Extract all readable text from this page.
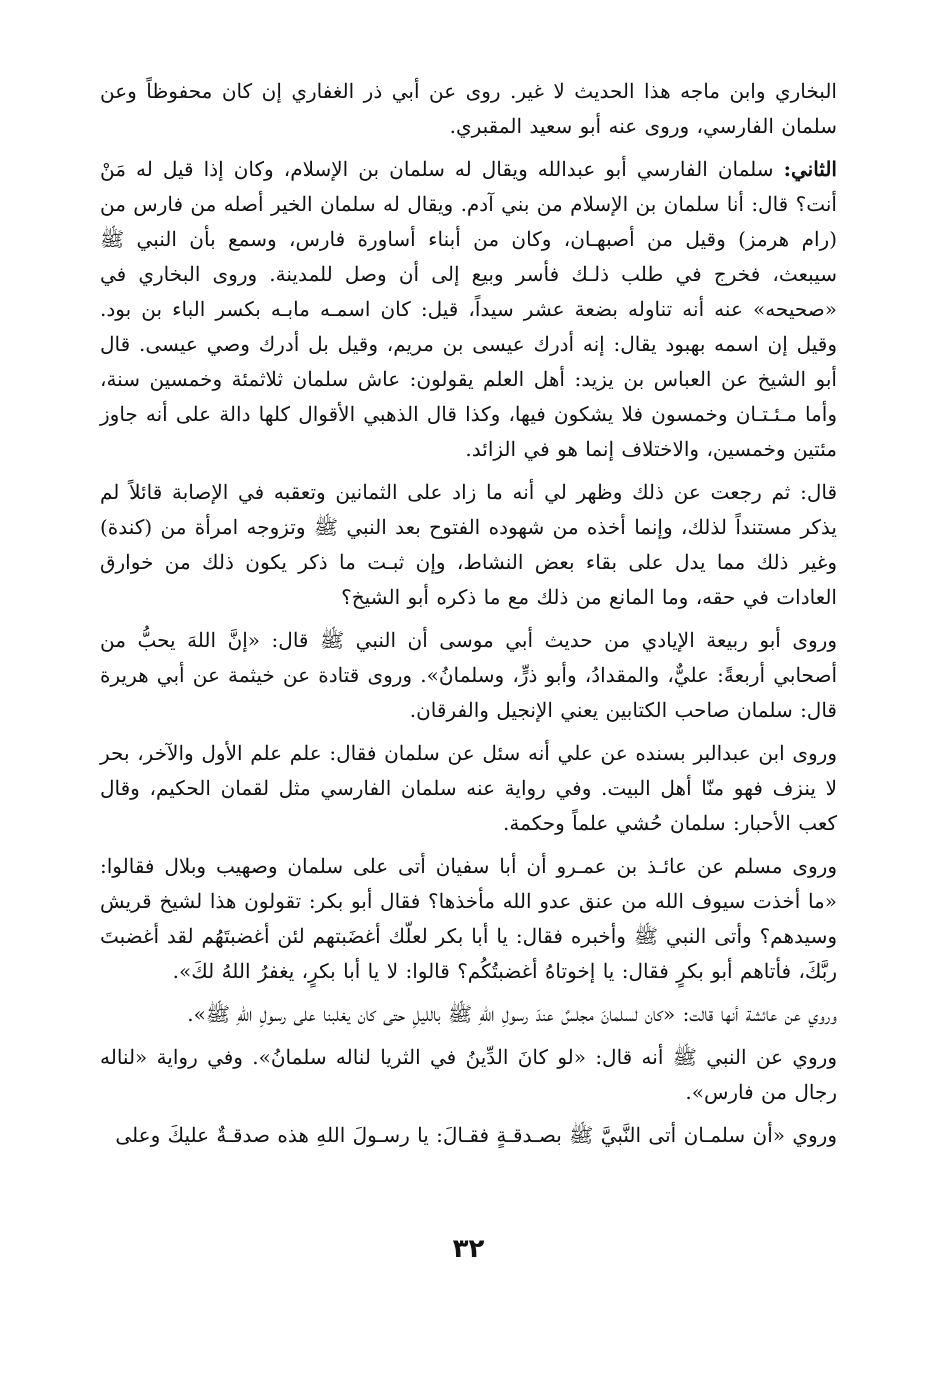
البخاري وابن ماجه هذا الحديث لا غير. روى عن أبي ذر الغفاري إن كان محفوظاً وعن سلمان الفارسي، وروى عنه أبو سعيد المقبري.

الثاني: سلمان الفارسي أبو عبدالله ويقال له سلمان بن الإسلام، وكان إذا قيل له مَنْ أنت؟ قال: أنا سلمان بن الإسلام من بني آدم. ويقال له سلمان الخير أصله من فارس من (رام هرمز) وقيل من أصبهـان، وكان من أبناء أساورة فارس، وسمع بأن النبي ﷺ سيبعث، فخرج في طلب ذلـك فأسر وبيع إلى أن وصل للمدينة. وروى البخاري في «صحيحه» عنه أنه تناوله بضعة عشر سيداً، قيل: كان اسمـه مابـه بكسر الباء بن بود. وقيل إن اسمه بهبود يقال: إنه أدرك عيسى بن مريم، وقيل بل أدرك وصي عيسى. قال أبو الشيخ عن العباس بن يزيد: أهل العلم يقولون: عاش سلمان ثلاثمئة وخمسين سنة، وأما مـئـتـان وخمسون فلا يشكون فيها، وكذا قال الذهبي الأقوال كلها دالة على أنه جاوز مئتين وخمسين، والاختلاف إنما هو في الزائد.

قال: ثم رجعت عن ذلك وظهر لي أنه ما زاد على الثمانين وتعقبه في الإصابة قائلاً لم يذكر مستنداً لذلك، وإنما أخذه من شهوده الفتوح بعد النبي ﷺ وتزوجه امرأة من (كندة) وغير ذلك مما يدل على بقاء بعض النشاط، وإن ثبـت ما ذكر يكون ذلك من خوارق العادات في حقه، وما المانع من ذلك مع ما ذكره أبو الشيخ؟

وروى أبو ربيعة الإيادي من حديث أبي موسى أن النبي ﷺ قال: «إنَّ اللهَ يحبُّ من أصحابي أربعةً: عليٌّ، والمقدادُ، وأبو ذرٍّ، وسلمانُ». وروى قتادة عن خيثمة عن أبي هريرة قال: سلمان صاحب الكتابين يعني الإنجيل والفرقان.

وروى ابن عبدالبر بسنده عن علي أنه سئل عن سلمان فقال: علم علم الأول والآخر، بحر لا ينزف فهو منّا أهل البيت. وفي رواية عنه سلمان الفارسي مثل لقمان الحكيم، وقال كعب الأحبار: سلمان حُشي علماً وحكمة.

وروى مسلم عن عائـذ بن عمـرو أن أبا سفيان أتى على سلمان وصهيب وبلال فقالوا: «ما أخذت سيوف الله من عنق عدو الله مأخذها؟ فقال أبو بكر: تقولون هذا لشيخ قريش وسيدهم؟ وأتى النبي ﷺ وأخبره فقال: يا أبا بكر لعلّك أغضَبتهم لئن أغضبتَهُم لقد أغضبتَ ربَّكَ، فأتاهم أبو بكرٍ فقال: يا إخوتاهُ أغضبتُكُم؟ قالوا: لا يا أبا بكرٍ، يغفرُ اللهُ لكَ».

وروي عن عائشة أنها قالت: «كان لسلمانَ مجلسٌ عندَ رسولِ اللهِ ﷺ بالليلِ حتى كان يغلبنا على رسولِ اللهِ ﷺ».

وروي عن النبي ﷺ أنه قال: «لو كانَ الدِّينُ في الثريا لناله سلمانُ». وفي رواية «لناله رجال من فارس».

وروي «أن سلمـان أتى النَّبيَّ ﷺ بصـدقـةٍ فقـالَ: يا رسـولَ اللهِ هذه صدقـةٌ عليكَ وعلى

٣٢
